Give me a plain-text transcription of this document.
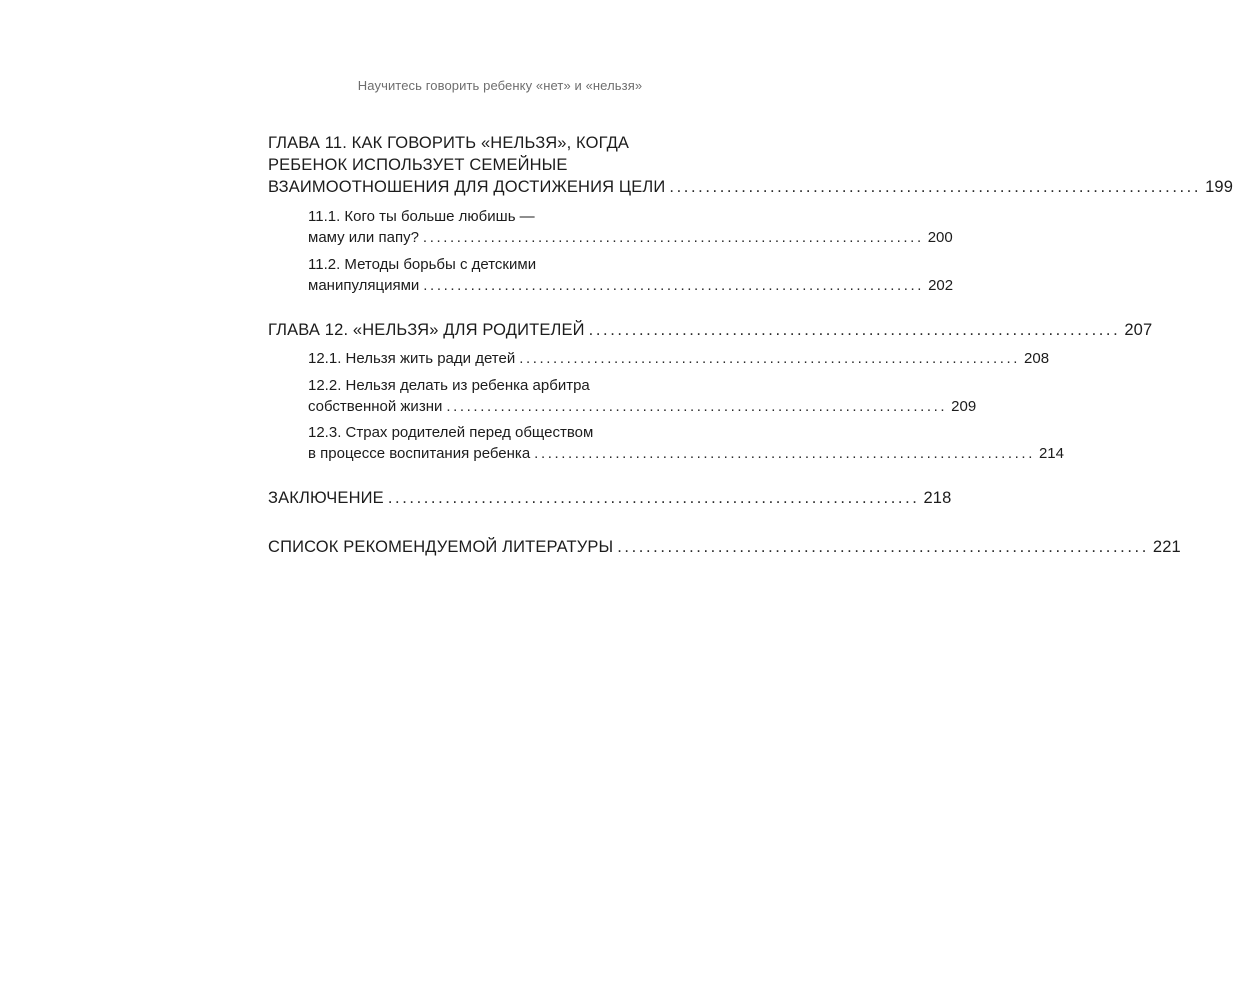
Научитесь говорить ребенку «нет» и «нельзя»
ГЛАВА 11. КАК ГОВОРИТЬ «НЕЛЬЗЯ», КОГДА
РЕБЕНОК ИСПОЛЬЗУЕТ СЕМЕЙНЫЕ
ВЗАИМООТНОШЕНИЯ ДЛЯ ДОСТИЖЕНИЯ ЦЕЛИ .......................................................................... 199
11.1. Кого ты больше любишь —
маму или папу? .......................................................................... 200
11.2. Методы борьбы с детскими
манипуляциями .......................................................................... 202
ГЛАВА 12. «НЕЛЬЗЯ» ДЛЯ РОДИТЕЛЕЙ .......................................................................... 207
12.1. Нельзя жить ради детей .......................................................................... 208
12.2. Нельзя делать из ребенка арбитра
собственной жизни .......................................................................... 209
12.3. Страх родителей перед обществом
в процессе воспитания ребенка .......................................................................... 214
ЗАКЛЮЧЕНИЕ .......................................................................... 218
СПИСОК РЕКОМЕНДУЕМОЙ ЛИТЕРАТУРЫ .......................................................................... 221
